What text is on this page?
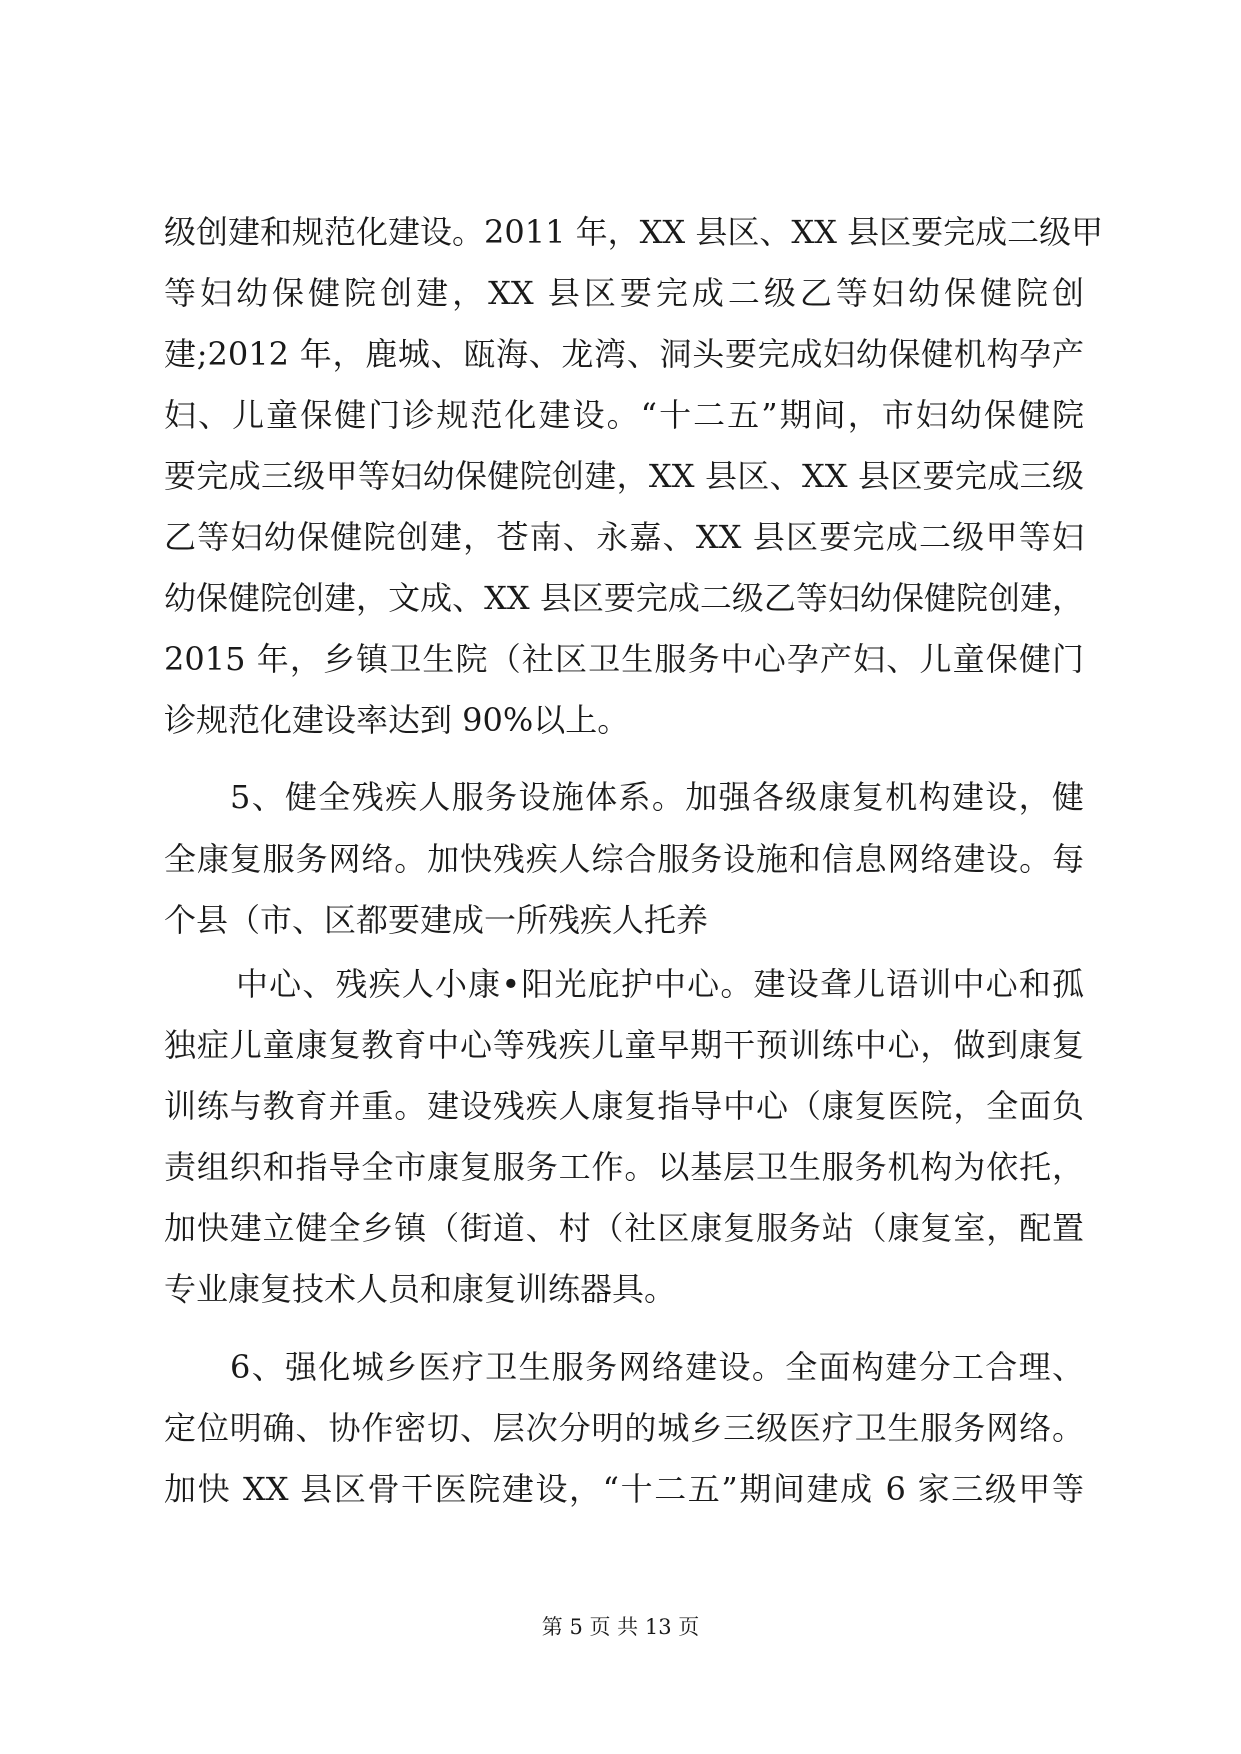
级创建和规范化建设。2011 年，XX 县区、XX 县区要完成二级甲
等妇幼保健院创建，XX 县区要完成二级乙等妇幼保健院创
建;2012 年，鹿城、瓯海、龙湾、洞头要完成妇幼保健机构孕产
妇、儿童保健门诊规范化建设。“十二五”期间，市妇幼保健院
要完成三级甲等妇幼保健院创建，XX 县区、XX 县区要完成三级
乙等妇幼保健院创建，苍南、永嘉、XX 县区要完成二级甲等妇
幼保健院创建，文成、XX 县区要完成二级乙等妇幼保健院创建，
2015 年，乡镇卫生院（社区卫生服务中心孕产妇、儿童保健门
诊规范化建设率达到 90%以上。
5、健全残疾人服务设施体系。加强各级康复机构建设，健
全康复服务网络。加快残疾人综合服务设施和信息网络建设。每
个县（市、区都要建成一所残疾人托养
中心、残疾人小康•阳光庇护中心。建设聋儿语训中心和孤
独症儿童康复教育中心等残疾儿童早期干预训练中心，做到康复
训练与教育并重。建设残疾人康复指导中心（康复医院，全面负
责组织和指导全市康复服务工作。以基层卫生服务机构为依托，
加快建立健全乡镇（街道、村（社区康复服务站（康复室，配置
专业康复技术人员和康复训练器具。
6、强化城乡医疗卫生服务网络建设。全面构建分工合理、
定位明确、协作密切、层次分明的城乡三级医疗卫生服务网络。
加快 XX 县区骨干医院建设，“十二五”期间建成 6 家三级甲等
第 5 页 共 13 页
